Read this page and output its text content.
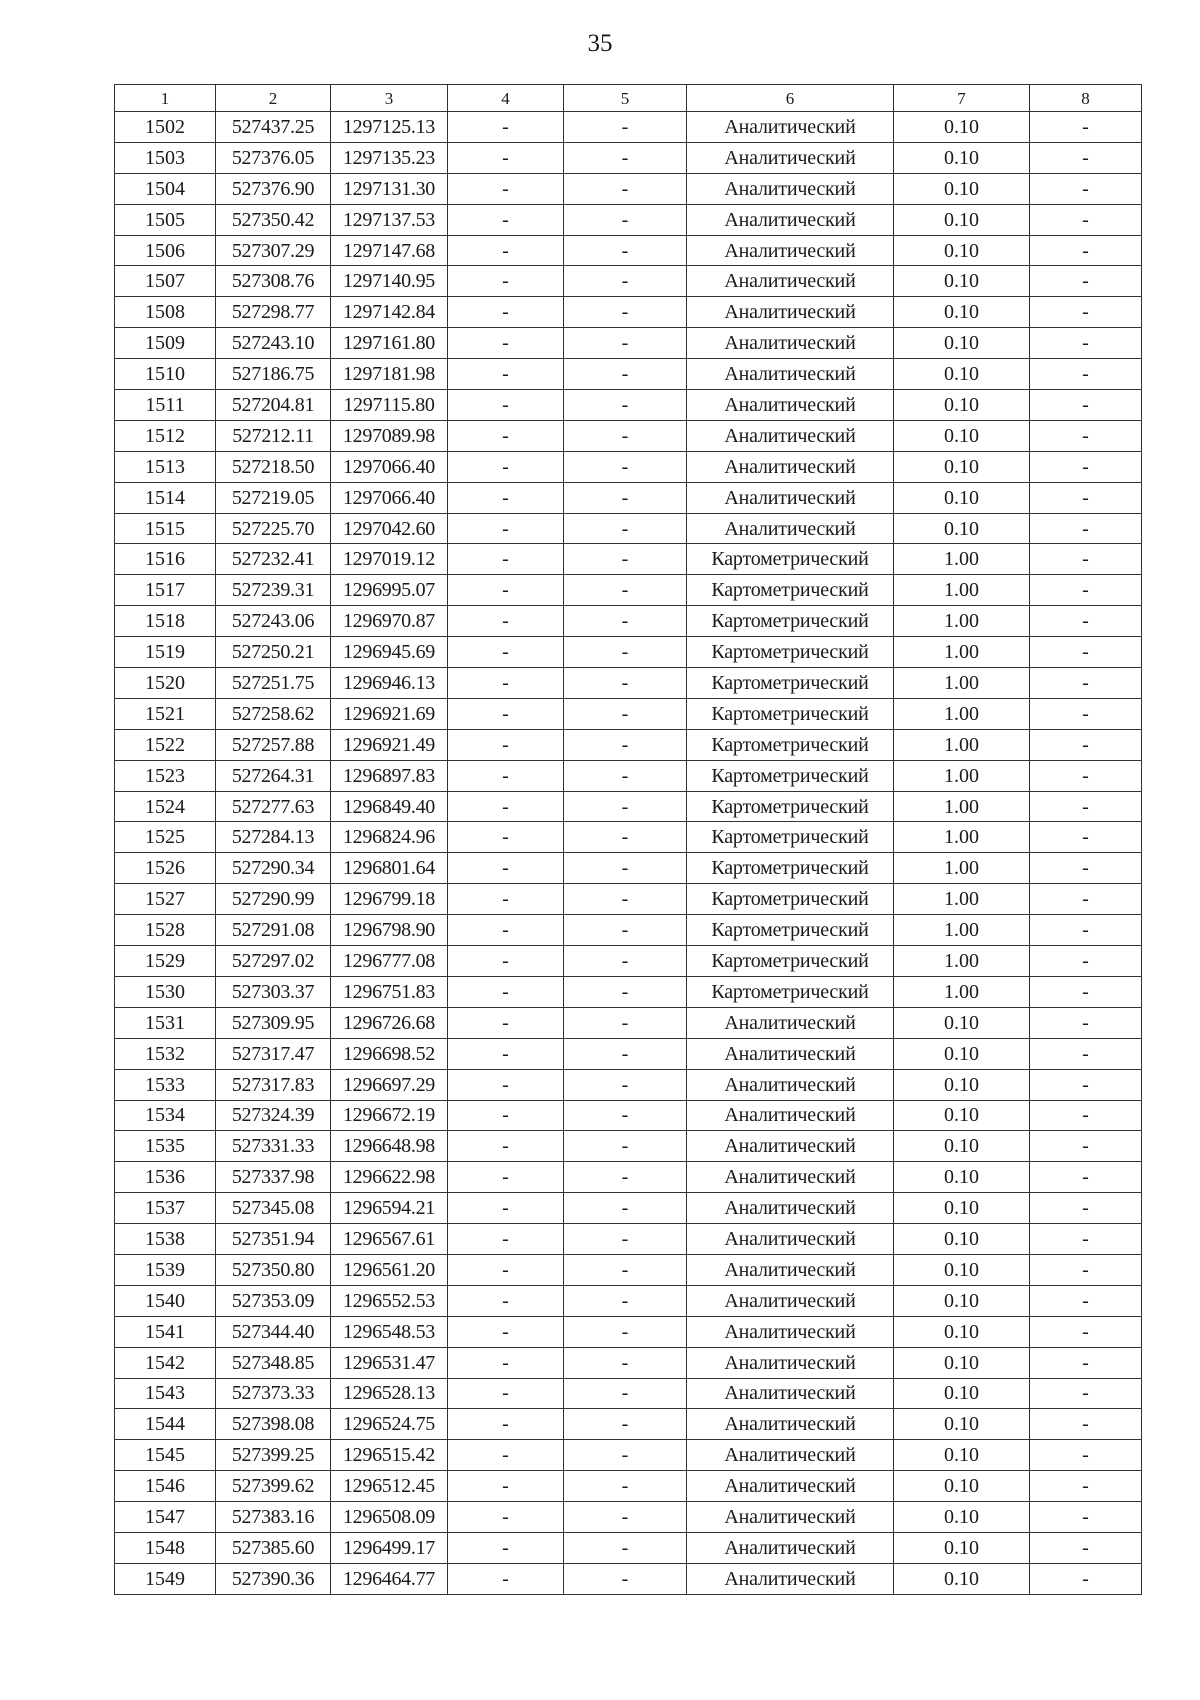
35
1	2	3	4	5	6	7	8
1502	527437.25	1297125.13	-	-	Аналитический	0.10	-
1503	527376.05	1297135.23	-	-	Аналитический	0.10	-
1504	527376.90	1297131.30	-	-	Аналитический	0.10	-
1505	527350.42	1297137.53	-	-	Аналитический	0.10	-
1506	527307.29	1297147.68	-	-	Аналитический	0.10	-
1507	527308.76	1297140.95	-	-	Аналитический	0.10	-
1508	527298.77	1297142.84	-	-	Аналитический	0.10	-
1509	527243.10	1297161.80	-	-	Аналитический	0.10	-
1510	527186.75	1297181.98	-	-	Аналитический	0.10	-
1511	527204.81	1297115.80	-	-	Аналитический	0.10	-
1512	527212.11	1297089.98	-	-	Аналитический	0.10	-
1513	527218.50	1297066.40	-	-	Аналитический	0.10	-
1514	527219.05	1297066.40	-	-	Аналитический	0.10	-
1515	527225.70	1297042.60	-	-	Аналитический	0.10	-
1516	527232.41	1297019.12	-	-	Картометрический	1.00	-
1517	527239.31	1296995.07	-	-	Картометрический	1.00	-
1518	527243.06	1296970.87	-	-	Картометрический	1.00	-
1519	527250.21	1296945.69	-	-	Картометрический	1.00	-
1520	527251.75	1296946.13	-	-	Картометрический	1.00	-
1521	527258.62	1296921.69	-	-	Картометрический	1.00	-
1522	527257.88	1296921.49	-	-	Картометрический	1.00	-
1523	527264.31	1296897.83	-	-	Картометрический	1.00	-
1524	527277.63	1296849.40	-	-	Картометрический	1.00	-
1525	527284.13	1296824.96	-	-	Картометрический	1.00	-
1526	527290.34	1296801.64	-	-	Картометрический	1.00	-
1527	527290.99	1296799.18	-	-	Картометрический	1.00	-
1528	527291.08	1296798.90	-	-	Картометрический	1.00	-
1529	527297.02	1296777.08	-	-	Картометрический	1.00	-
1530	527303.37	1296751.83	-	-	Картометрический	1.00	-
1531	527309.95	1296726.68	-	-	Аналитический	0.10	-
1532	527317.47	1296698.52	-	-	Аналитический	0.10	-
1533	527317.83	1296697.29	-	-	Аналитический	0.10	-
1534	527324.39	1296672.19	-	-	Аналитический	0.10	-
1535	527331.33	1296648.98	-	-	Аналитический	0.10	-
1536	527337.98	1296622.98	-	-	Аналитический	0.10	-
1537	527345.08	1296594.21	-	-	Аналитический	0.10	-
1538	527351.94	1296567.61	-	-	Аналитический	0.10	-
1539	527350.80	1296561.20	-	-	Аналитический	0.10	-
1540	527353.09	1296552.53	-	-	Аналитический	0.10	-
1541	527344.40	1296548.53	-	-	Аналитический	0.10	-
1542	527348.85	1296531.47	-	-	Аналитический	0.10	-
1543	527373.33	1296528.13	-	-	Аналитический	0.10	-
1544	527398.08	1296524.75	-	-	Аналитический	0.10	-
1545	527399.25	1296515.42	-	-	Аналитический	0.10	-
1546	527399.62	1296512.45	-	-	Аналитический	0.10	-
1547	527383.16	1296508.09	-	-	Аналитический	0.10	-
1548	527385.60	1296499.17	-	-	Аналитический	0.10	-
1549	527390.36	1296464.77	-	-	Аналитический	0.10	-
